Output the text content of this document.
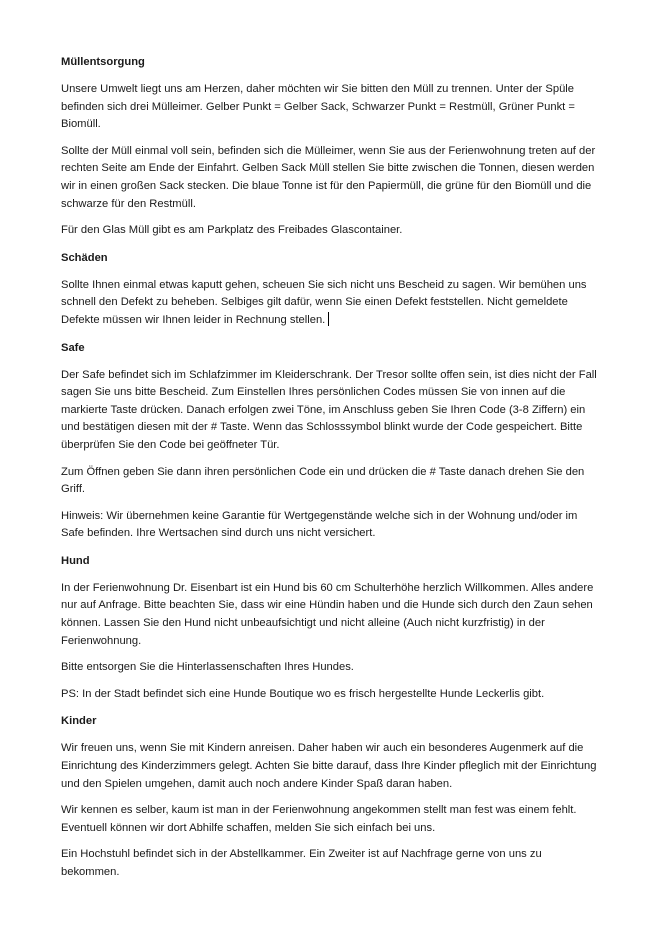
Müllentsorgung

Unsere Umwelt liegt uns am Herzen, daher möchten wir Sie bitten den Müll zu trennen. Unter der Spüle befinden sich drei Mülleimer. Gelber Punkt = Gelber Sack, Schwarzer Punkt = Restmüll, Grüner Punkt = Biomüll.

Sollte der Müll einmal voll sein, befinden sich die Mülleimer, wenn Sie aus der Ferienwohnung treten auf der rechten Seite am Ende der Einfahrt. Gelben Sack Müll stellen Sie bitte zwischen die Tonnen, diesen werden wir in einen großen Sack stecken. Die blaue Tonne ist für den Papiermüll, die grüne für den Biomüll und die schwarze für den Restmüll.

Für den Glas Müll gibt es am Parkplatz des Freibades Glascontainer.

Schäden

Sollte Ihnen einmal etwas kaputt gehen, scheuen Sie sich nicht uns Bescheid zu sagen. Wir bemühen uns schnell den Defekt zu beheben. Selbiges gilt dafür, wenn Sie einen Defekt feststellen. Nicht gemeldete Defekte müssen wir Ihnen leider in Rechnung stellen.

Safe

Der Safe befindet sich im Schlafzimmer im Kleiderschrank. Der Tresor sollte offen sein, ist dies nicht der Fall sagen Sie uns bitte Bescheid. Zum Einstellen Ihres persönlichen Codes müssen Sie von innen auf die markierte Taste drücken. Danach erfolgen zwei Töne, im Anschluss geben Sie Ihren Code (3-8 Ziffern) ein und bestätigen diesen mit der # Taste. Wenn das Schlosssymbol blinkt wurde der Code gespeichert. Bitte überprüfen Sie den Code bei geöffneter Tür.

Zum Öffnen geben Sie dann ihren persönlichen Code ein und drücken die # Taste danach drehen Sie den Griff.

Hinweis: Wir übernehmen keine Garantie für Wertgegenstände welche sich in der Wohnung und/oder im Safe befinden. Ihre Wertsachen sind durch uns nicht versichert.

Hund

In der Ferienwohnung Dr. Eisenbart ist ein Hund bis 60 cm Schulterhöhe herzlich Willkommen. Alles andere nur auf Anfrage. Bitte beachten Sie, dass wir eine Hündin haben und die Hunde sich durch den Zaun sehen können. Lassen Sie den Hund nicht unbeaufsichtigt und nicht alleine (Auch nicht kurzfristig) in der Ferienwohnung.

Bitte entsorgen Sie die Hinterlassenschaften Ihres Hundes.

PS: In der Stadt befindet sich eine Hunde Boutique wo es frisch hergestellte Hunde Leckerlis gibt.

Kinder

Wir freuen uns, wenn Sie mit Kindern anreisen. Daher haben wir auch ein besonderes Augenmerk auf die Einrichtung des Kinderzimmers gelegt. Achten Sie bitte darauf, dass Ihre Kinder pfleglich mit der Einrichtung und den Spielen umgehen, damit auch noch andere Kinder Spaß daran haben.

Wir kennen es selber, kaum ist man in der Ferienwohnung angekommen stellt man fest was einem fehlt. Eventuell können wir dort Abhilfe schaffen, melden Sie sich einfach bei uns.

Ein Hochstuhl befindet sich in der Abstellkammer. Ein Zweiter ist auf Nachfrage gerne von uns zu bekommen.
